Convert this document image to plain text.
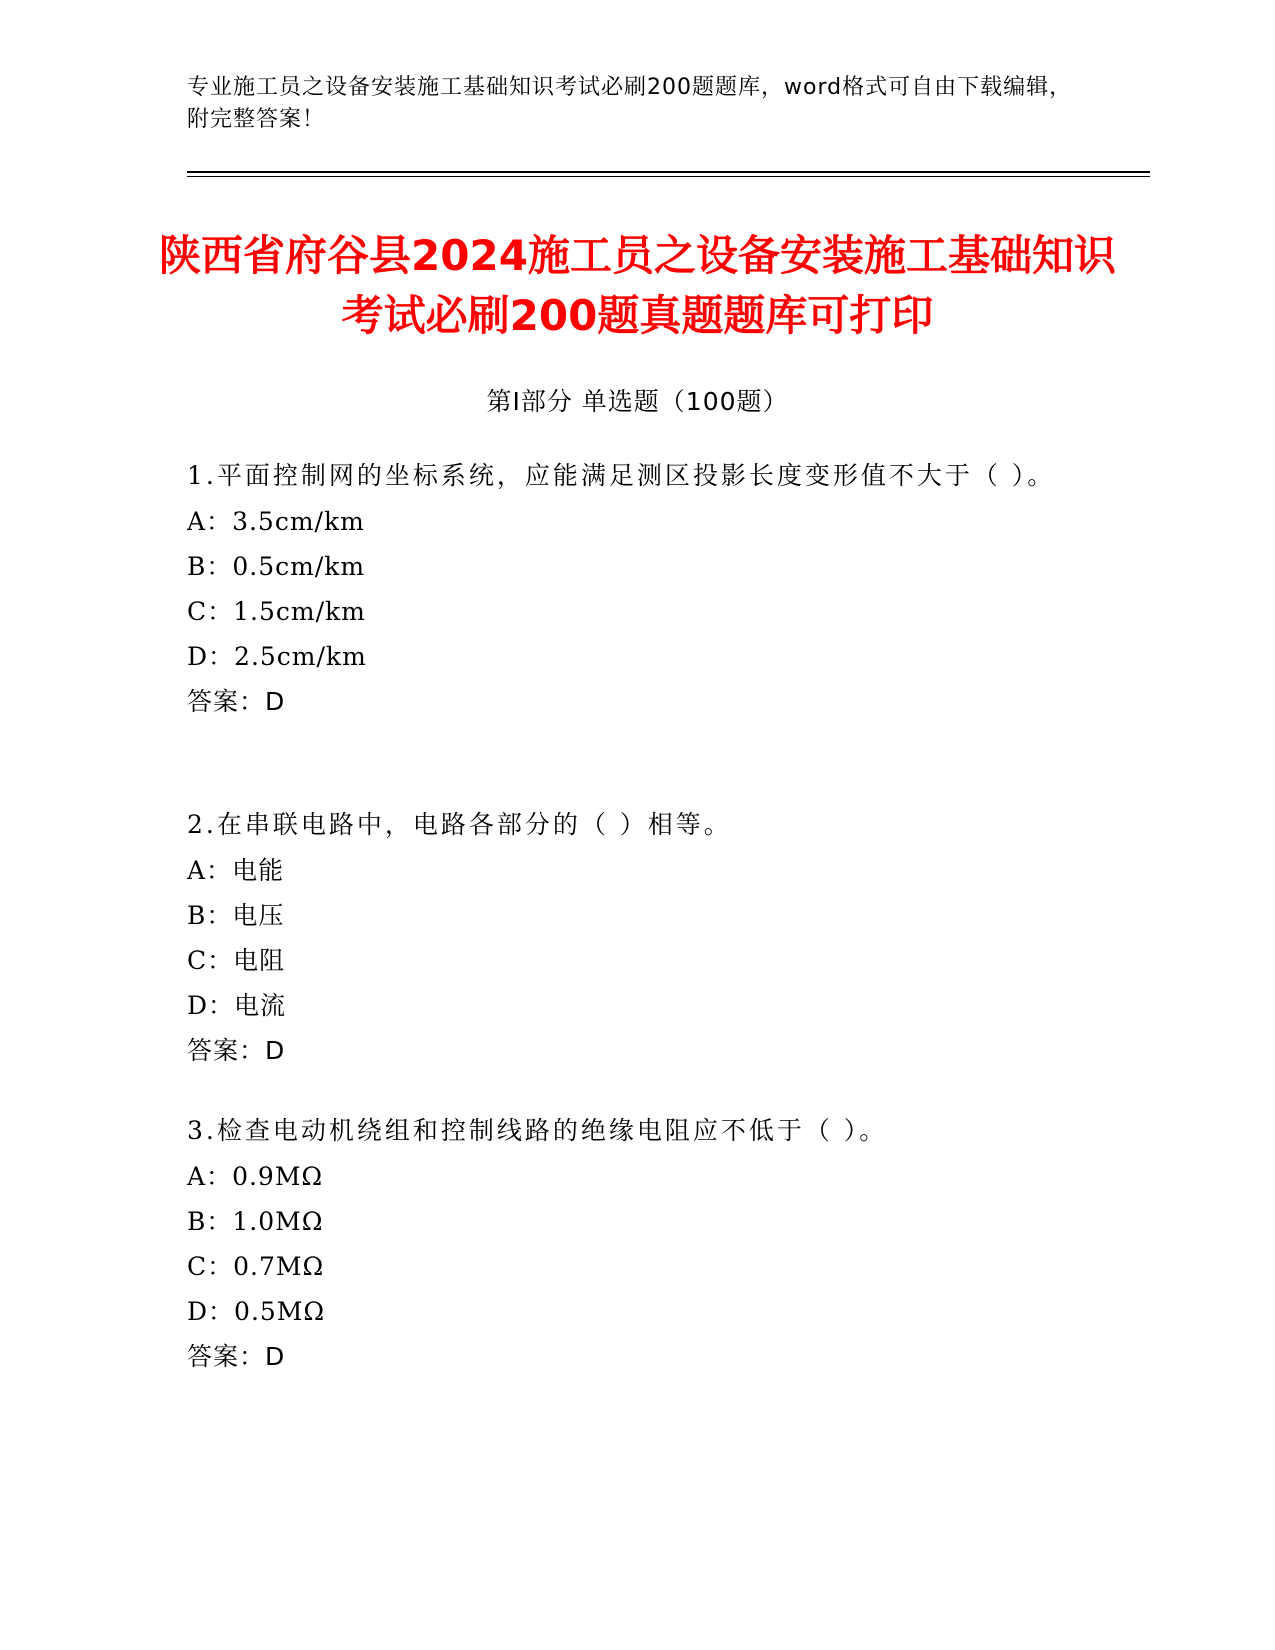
专业施工员之设备安装施工基础知识考试必刷200题题库，word格式可自由下载编辑，附完整答案！
陕西省府谷县2024施工员之设备安装施工基础知识考试必刷200题真题题库可打印
第Ⅰ部分 单选题（100题）

1.平面控制网的坐标系统，应能满足测区投影长度变形值不大于（ ）。

A：3.5cm/km

B：0.5cm/km

C：1.5cm/km

D：2.5cm/km

答案：D

2.在串联电路中，电路各部分的（ ）相等。

A：电能

B：电压

C：电阻

D：电流

答案：D

3.检查电动机绕组和控制线路的绝缘电阻应不低于（ ）。

A：0.9MΩ

B：1.0MΩ

C：0.7MΩ

D：0.5MΩ

答案：D
